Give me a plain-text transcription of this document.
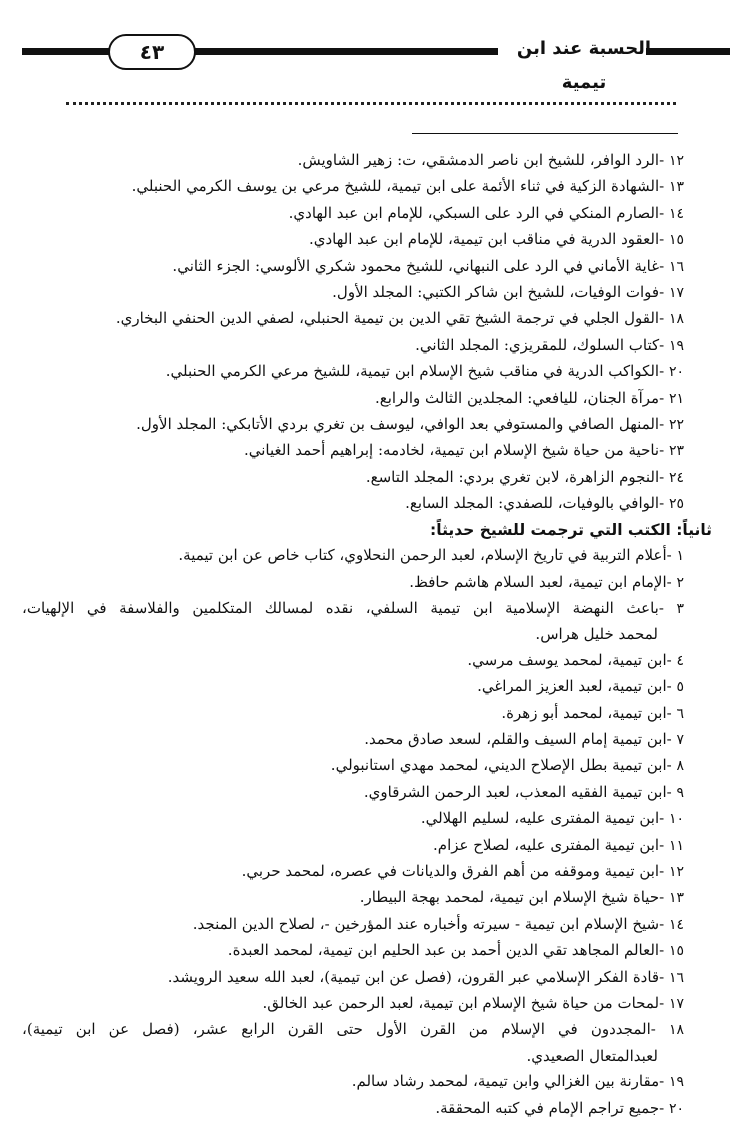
٤٣	الحسبة عند ابن تيمية
١٢ -الرد الوافر، للشيخ ابن ناصر الدمشقي، ت: زهير الشاويش.
١٣ -الشهادة الزكية في ثناء الأئمة على ابن تيمية، للشيخ مرعي بن يوسف الكرمي الحنبلي.
١٤ -الصارم المنكي في الرد على السبكي، للإمام ابن عبد الهادي.
١٥ -العقود الدرية في مناقب ابن تيمية، للإمام ابن عبد الهادي.
١٦ -غاية الأماني في الرد على النبهاني، للشيخ محمود شكري الألوسي: الجزء الثاني.
١٧ -فوات الوفيات، للشيخ ابن شاكر الكتبي: المجلد الأول.
١٨ -القول الجلي في ترجمة الشيخ تقي الدين بن تيمية الحنبلي، لصفي الدين الحنفي البخاري.
١٩ -كتاب السلوك، للمقريزي: المجلد الثاني.
٢٠ -الكواكب الدرية في مناقب شيخ الإسلام ابن تيمية، للشيخ مرعي الكرمي الحنبلي.
٢١ -مرآة الجنان، لليافعي: المجلدين الثالث والرابع.
٢٢ -المنهل الصافي والمستوفي بعد الوافي، ليوسف بن تغري بردي الأتابكي: المجلد الأول.
٢٣ -ناحية من حياة شيخ الإسلام ابن تيمية، لخادمه: إبراهيم أحمد الغياني.
٢٤ -النجوم الزاهرة، لابن تغري بردي: المجلد التاسع.
٢٥ -الوافي بالوفيات، للصفدي: المجلد السابع.
ثانياً: الكتب التي ترجمت للشيخ حديثاً:
١ -أعلام التربية في تاريخ الإسلام، لعبد الرحمن النحلاوي، كتاب خاص عن ابن تيمية.
٢ -الإمام ابن تيمية، لعبد السلام هاشم حافظ.
٣ -باعث النهضة الإسلامية ابن تيمية السلفي، نقده لمسالك المتكلمين والفلاسفة في الإلهيات،
لمحمد خليل هراس.
٤ -ابن تيمية، لمحمد يوسف مرسي.
٥ -ابن تيمية، لعبد العزيز المراغي.
٦ -ابن تيمية، لمحمد أبو زهرة.
٧ -ابن تيمية إمام السيف والقلم، لسعد صادق محمد.
٨ -ابن تيمية بطل الإصلاح الديني، لمحمد مهدي استانبولي.
٩ -ابن تيمية الفقيه المعذب، لعبد الرحمن الشرقاوي.
١٠ -ابن تيمية المفترى عليه، لسليم الهلالي.
١١ -ابن تيمية المفترى عليه، لصلاح عزام.
١٢ -ابن تيمية وموقفه من أهم الفرق والديانات في عصره، لمحمد حربي.
١٣ -حياة شيخ الإسلام ابن تيمية، لمحمد بهجة البيطار.
١٤ -شيخ الإسلام ابن تيمية - سيرته وأخباره عند المؤرخين -، لصلاح الدين المنجد.
١٥ -العالم المجاهد تقي الدين أحمد بن عبد الحليم ابن تيمية، لمحمد العبدة.
١٦ -قادة الفكر الإسلامي عبر القرون، (فصل عن ابن تيمية)، لعبد الله سعيد الرويشد.
١٧ -لمحات من حياة شيخ الإسلام ابن تيمية، لعبد الرحمن عبد الخالق.
١٨ -المجددون في الإسلام من القرن الأول حتى القرن الرابع عشر، (فصل عن ابن تيمية)،
لعبدالمتعال الصعيدي.
١٩ -مقارنة بين الغزالي وابن تيمية، لمحمد رشاد سالم.
٢٠ -جميع تراجم الإمام في كتبه المحققة.
